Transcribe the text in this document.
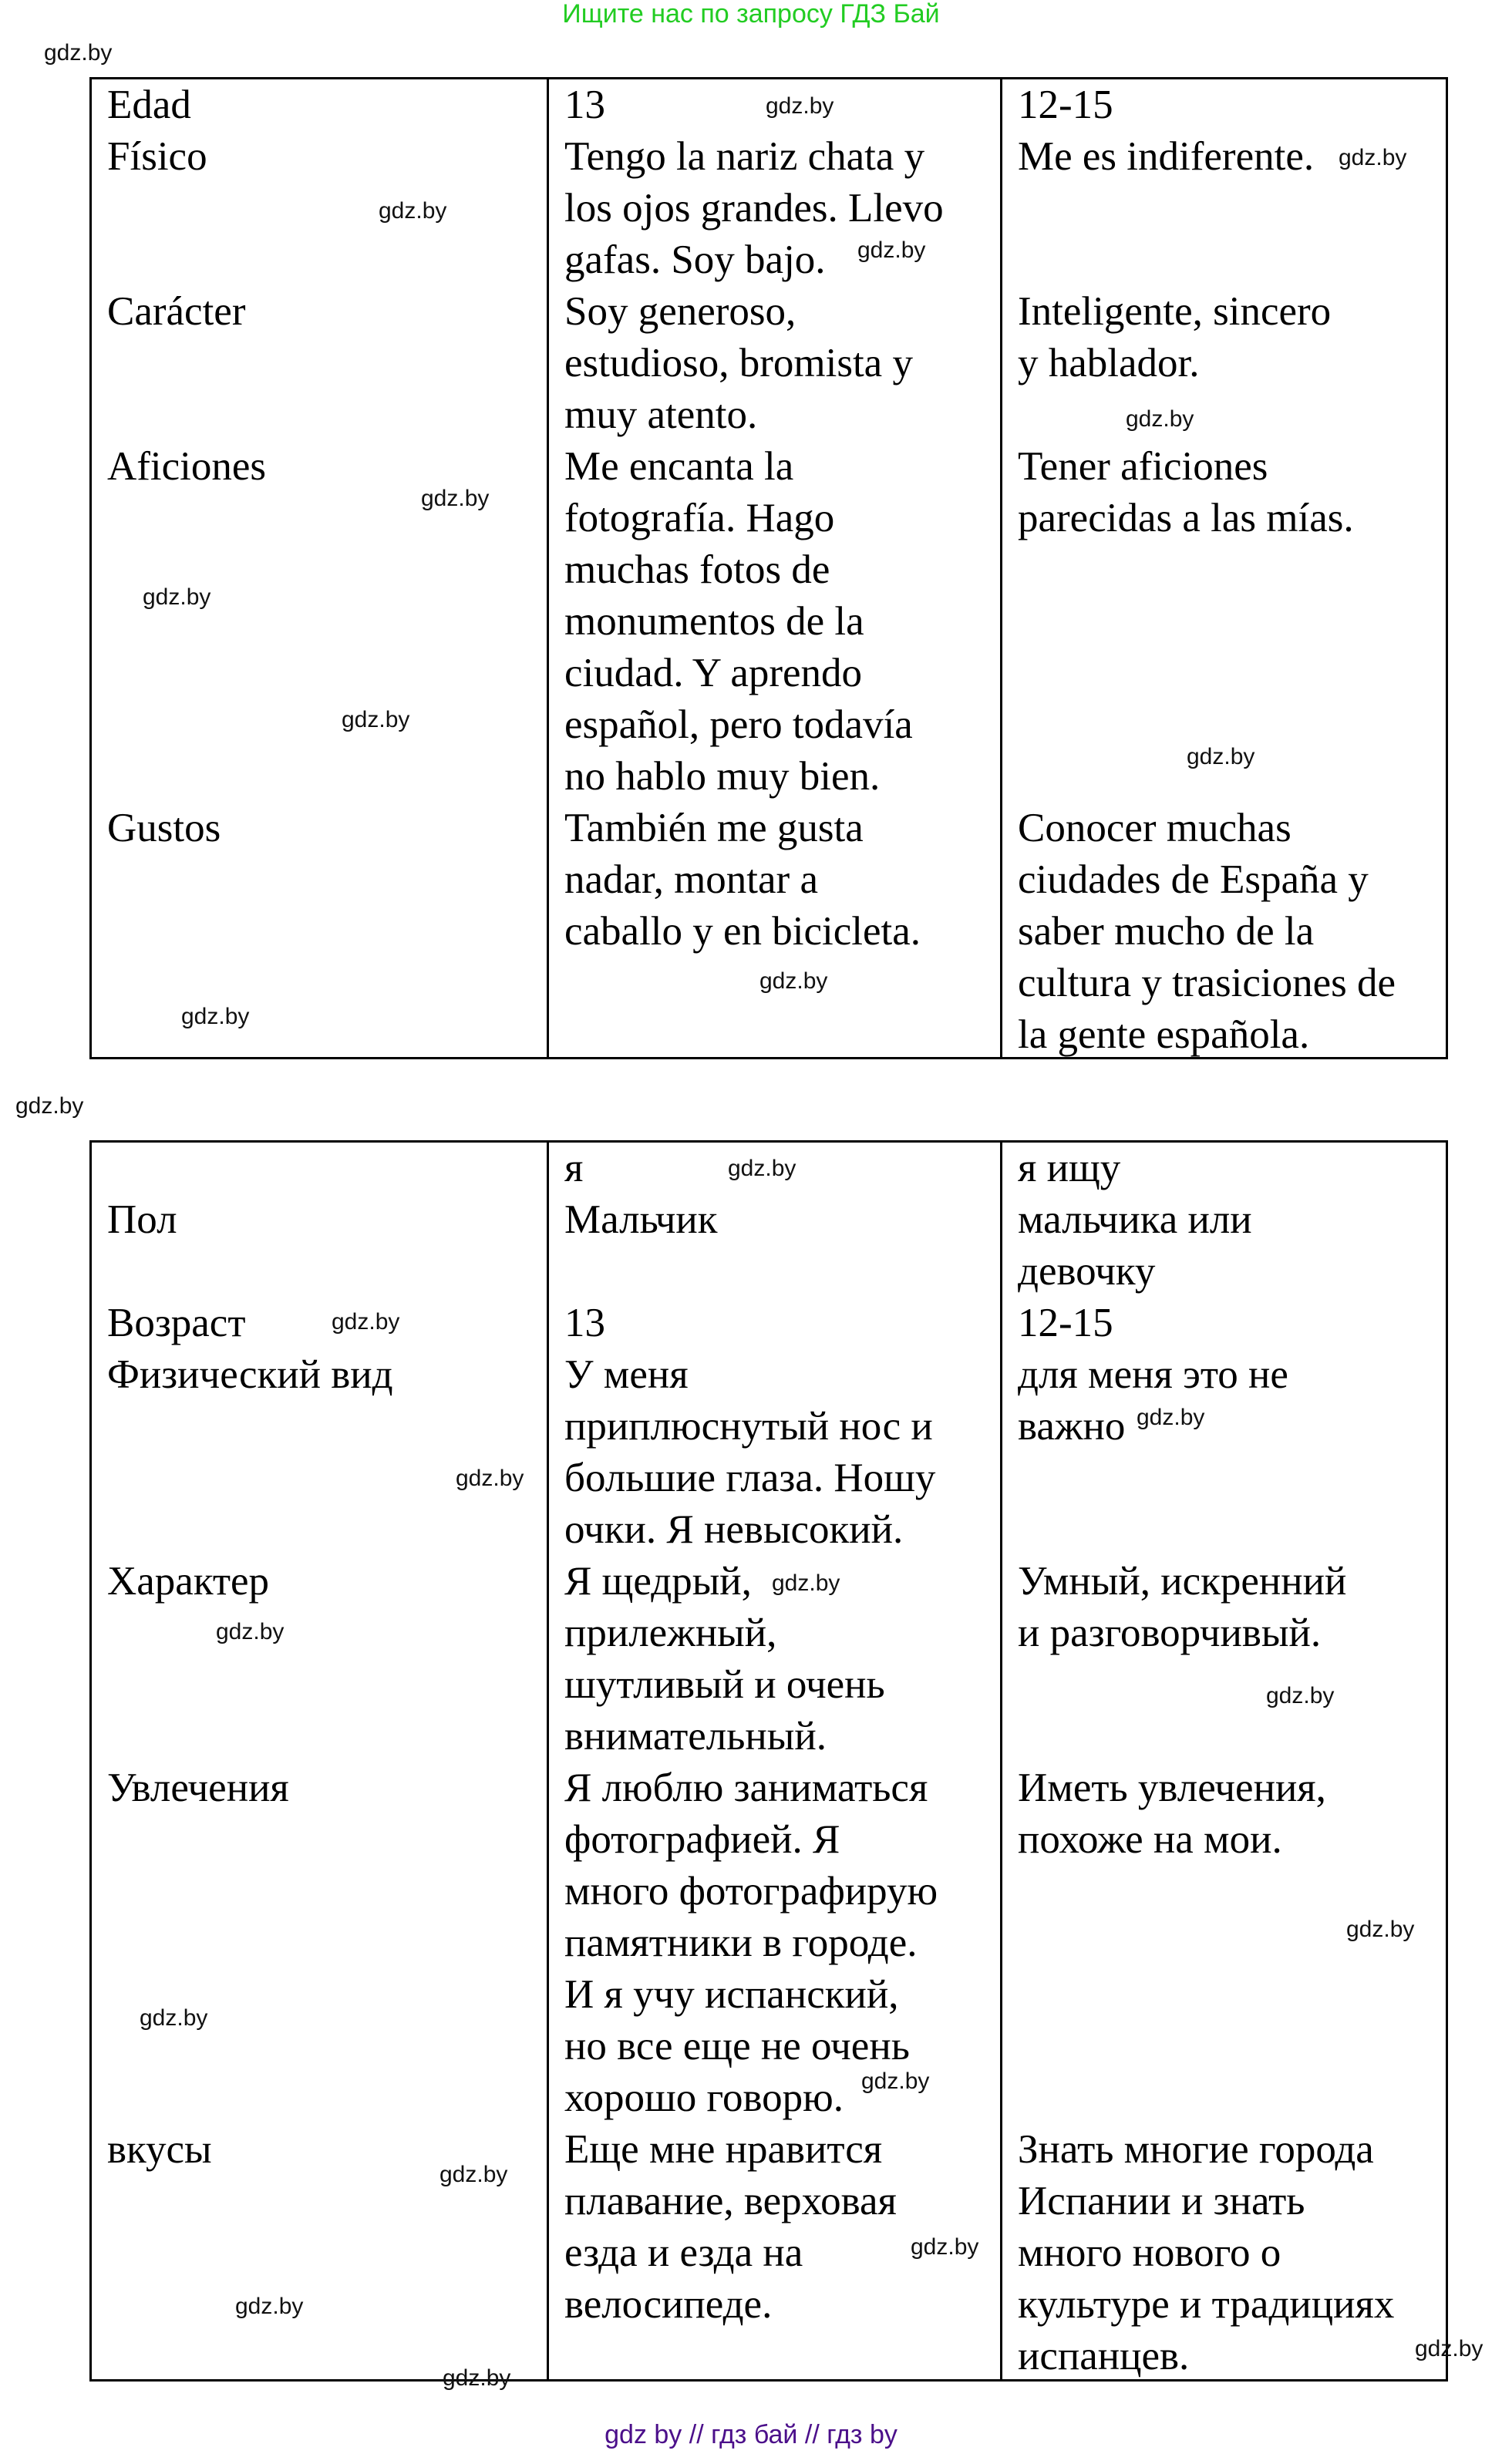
Ищите нас по запросу ГДЗ Бай
Edad
Físico
Carácter
Aficiones
Gustos
13
Tengo la nariz chata y
los ojos grandes. Llevo
gafas. Soy bajo.
Soy generoso,
estudioso, bromista y
muy atento.
Me encanta la
fotografía. Hago
muchas fotos de
monumentos de la
ciudad. Y aprendo
español, pero todavía
no hablo muy bien.
También me gusta
nadar, montar a
caballo y en bicicleta.
12-15
Me es indiferente.
Inteligente, sincero
y hablador.
Tener aficiones
parecidas a las mías.
Conocer muchas
ciudades de España y
saber mucho de la
cultura y trasiciones de
la gente española.
Пол
Возраст
Физический вид
Характер
Увлечения
вкусы
я
Мальчик
13
У меня
приплюснутый нос и
большие глаза. Ношу
очки. Я невысокий.
Я щедрый,
прилежный,
шутливый и очень
внимательный.
Я люблю заниматься
фотографией. Я
много фотографирую
памятники в городе.
И я учу испанский,
но все еще не очень
хорошо говорю.
Еще мне нравится
плавание, верховая
езда и езда на
велосипеде.
я ищу
мальчика или
девочку
12-15
для меня это не
важно
Умный, искренний
и разговорчивый.
Иметь увлечения,
похоже на мои.
Знать многие города
Испании и знать
много нового о
культуре и традициях
испанцев.
gdz.by
gdz.by
gdz.by
gdz.by
gdz.by
gdz.by
gdz.by
gdz.by
gdz.by
gdz.by
gdz.by
gdz.by
gdz.by
gdz.by
gdz.by
gdz.by
gdz.by
gdz.by
gdz.by
gdz.by
gdz.by
gdz.by
gdz.by
gdz.by
gdz.by
gdz.by
gdz.by
gdz.by
gdz by // гдз бай // гдз by
